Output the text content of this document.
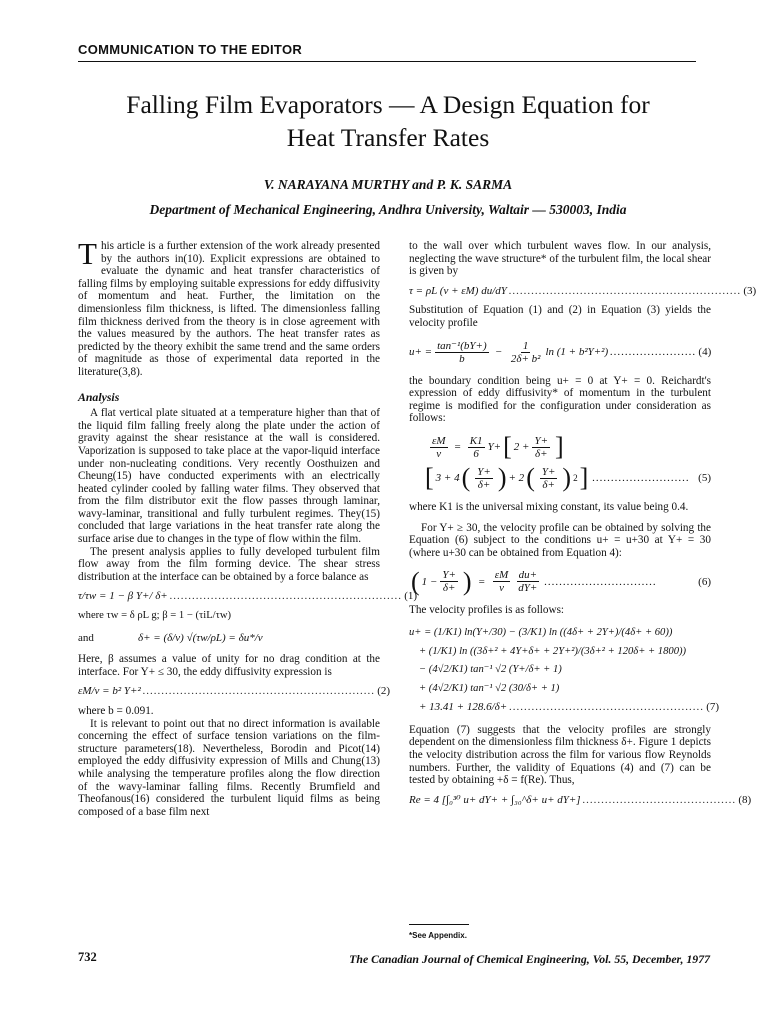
COMMUNICATION TO THE EDITOR
Falling Film Evaporators — A Design Equation for
Heat Transfer Rates
V. NARAYANA MURTHY and P. K. SARMA
Department of Mechanical Engineering, Andhra University, Waltair — 530003, India

This article is a further extension of the work already presented by the authors in(10). Explicit expressions are obtained to evaluate the dynamic and heat transfer characteristics of falling films by employing suitable expressions for eddy diffusivity of momentum and heat. Further, the limitation on the dimensionless film thickness, is lifted. The dimensionless falling film thickness derived from the theory is in close agreement with the values measured by the authors. The heat transfer rates as predicted by the theory exhibit the same trend and the same orders of magnitude as those of experimental data reported in the literature(3,8).

Analysis

A flat vertical plate situated at a temperature higher than that of the liquid film falling freely along the plate under the action of gravity against the shear resistance at the wall is considered. Vaporization is supposed to take place at the vapor-liquid interface under non-nucleating conditions. Very recently Oosthuizen and Cheung(15) have conducted experiments with an electrically heated cylinder cooled by falling water films. They observed that from the film distributor exit the flow passes through laminar, wavy-laminar, transitional and fully turbulent regimes. They(15) concluded that large variations in the heat transfer rate along the surface arise due to changes in the type of flow within the film.

The present analysis applies to fully developed turbulent film flow away from the film forming device. The shear stress distribution at the interface can be obtained by a force balance as

τ/τw = 1 − β Y+/ δ+ .............................................................. (1)

where τw = δ ρL g; β = 1 − (τiL/τw)

and	δ+ = (δ/ν) √(τw/ρL) = δu*/ν

Here, β assumes a value of unity for no drag condition at the interface. For Y+ ≤ 30, the eddy diffusivity expression is

εM/ν = b² Y+² .............................................................. (2)

where b = 0.091.

It is relevant to point out that no direct information is available concerning the effect of surface tension variations on the film-structure parameters(18). Nevertheless, Borodin and Picot(14) employed the eddy diffusivity expression of Mills and Chung(13) while analysing the temperature profiles along the flow direction of the wavy-laminar falling films. Recently Brumfield and Theofanous(16) considered the turbulent liquid films as being composed of a base film next

to the wall over which turbulent waves flow. In our analysis, neglecting the wave structure* of the turbulent film, the local shear is given by

τ = ρL (ν + εM) du/dY .............................................................. (3)

Substitution of Equation (1) and (2) in Equation (3) yields the velocity profile

$u+ = \frac{\text{tan⁻¹(bY+)}}{b} - \frac{1}{\text{2δ+ b²}}$ ln (1 + b²Y+²) ....................... (4)

the boundary condition being u+ = 0 at Y+ = 0. Reichardt's expression of eddy diffusivity* of momentum in the turbulent regime is modified for the configuration under consideration as follows:

$\frac{\varepsilon M}{\nu} = \frac{K1}{6} Y+$ [ $2 + \frac{Y+}{\delta+}$ ]
[ 3 + 4 ( $\frac{Y+}{\delta+}$ ) + 2 ( $\frac{Y+}{\delta+}$ ) 2 ] .......................... (5)

where K1 is the universal mixing constant, its value being 0.4.

For Y+ ≥ 30, the velocity profile can be obtained by solving the Equation (6) subject to the conditions u+ = u+30 at Y+ = 30 (where u+30 can be obtained from Equation 4):

( $1 - \frac{Y+}{\delta+}$ ) = $\frac{\varepsilon M}{\nu} \frac{du+}{dY+}$ ..............................	(6)

The velocity profiles is as follows:

u+ = (1/K1) ln(Y+/30) − (3/K1) ln ((4δ+ + 2Y+)/(4δ+ + 60))
+ (1/K1) ln ((3δ+² + 4Y+δ+ + 2Y+²)/(3δ+² + 120δ+ + 1800))
− (4√2/K1) tan⁻¹ √2 (Y+/δ+ + 1)
+ (4√2/K1) tan⁻¹ √2 (30/δ+ + 1)
+ 13.41 + 128.6/δ+ .................................................... (7)

Equation (7) suggests that the velocity profiles are strongly dependent on the dimensionless film thickness δ+. Figure 1 depicts the velocity distribution across the film for various flow Reynolds numbers. Further, the validity of Equations (4) and (7) can be tested by obtaining +δ = f(Re). Thus,

Re = 4 [∫₀³⁰ u+ dY+ + ∫₃₀^δ+ u+ dY+] ......................................... (8)
*See Appendix.
732	The Canadian Journal of Chemical Engineering, Vol. 55, December, 1977
